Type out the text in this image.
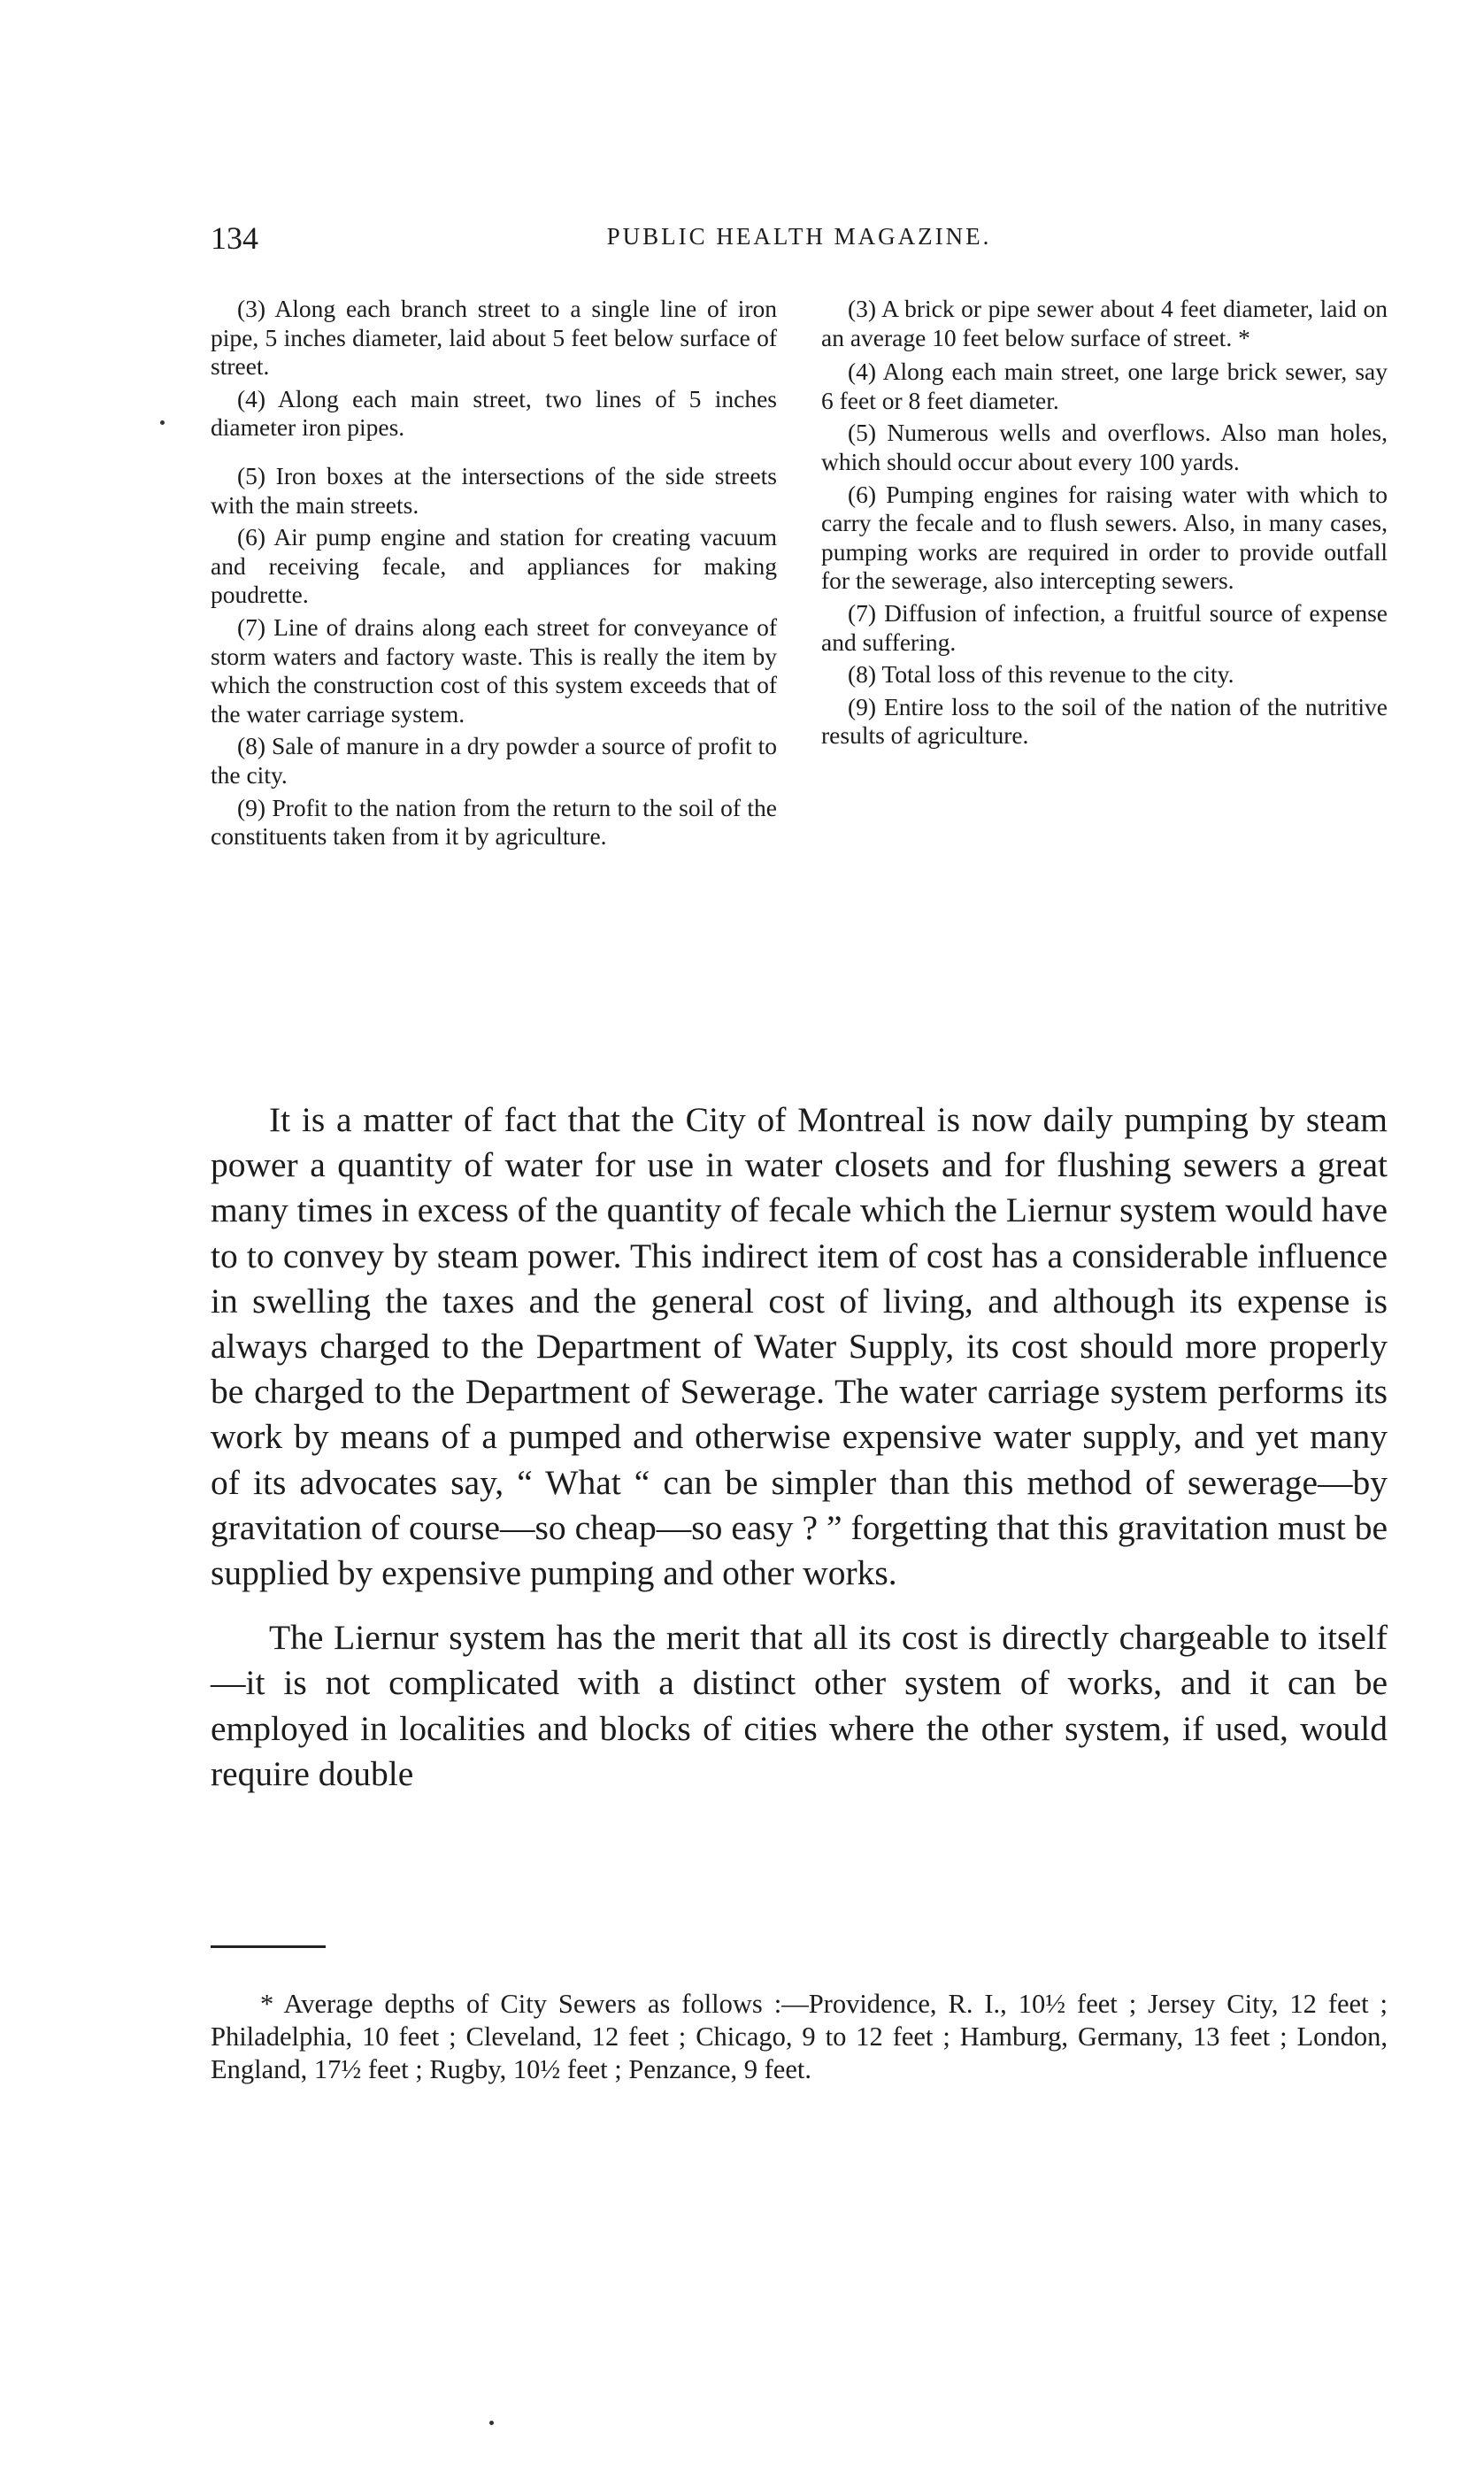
134	PUBLIC HEALTH MAGAZINE.

(3) Along each branch street to a single line of iron pipe, 5 inches diameter, laid about 5 feet below surface of street.

(4) Along each main street, two lines of 5 inches diameter iron pipes.

(5) Iron boxes at the intersections of the side streets with the main streets.

(6) Air pump engine and station for creating vacuum and receiving fecale, and appliances for making poudrette.

(7) Line of drains along each street for conveyance of storm waters and factory waste. This is really the item by which the construction cost of this system exceeds that of the water carriage system.

(8) Sale of manure in a dry powder a source of profit to the city.

(9) Profit to the nation from the return to the soil of the constituents taken from it by agriculture.

(3) A brick or pipe sewer about 4 feet diameter, laid on an average 10 feet below surface of street. *

(4) Along each main street, one large brick sewer, say 6 feet or 8 feet diameter.

(5) Numerous wells and overflows. Also man holes, which should occur about every 100 yards.

(6) Pumping engines for raising water with which to carry the fecale and to flush sewers. Also, in many cases, pumping works are required in order to provide outfall for the sewerage, also intercepting sewers.

(7) Diffusion of infection, a fruitful source of expense and suffering.

(8) Total loss of this revenue to the city.

(9) Entire loss to the soil of the nation of the nutritive results of agriculture.

It is a matter of fact that the City of Montreal is now daily pumping by steam power a quantity of water for use in water closets and for flushing sewers a great many times in excess of the quantity of fecale which the Liernur system would have to to convey by steam power. This indirect item of cost has a considerable influence in swelling the taxes and the general cost of living, and although its expense is always charged to the Department of Water Supply, its cost should more properly be charged to the Department of Sewerage. The water carriage system performs its work by means of a pumped and otherwise expensive water supply, and yet many of its advocates say, “ What “ can be simpler than this method of sewerage—by gravitation of course—so cheap—so easy ? ” forgetting that this gravitation must be supplied by expensive pumping and other works.

The Liernur system has the merit that all its cost is directly chargeable to itself—it is not complicated with a distinct other system of works, and it can be employed in localities and blocks of cities where the other system, if used, would require double

* Average depths of City Sewers as follows :—Providence, R. I., 10½ feet ; Jersey City, 12 feet ; Philadelphia, 10 feet ; Cleveland, 12 feet ; Chicago, 9 to 12 feet ; Hamburg, Germany, 13 feet ; London, England, 17½ feet ; Rugby, 10½ feet ; Penzance, 9 feet.
